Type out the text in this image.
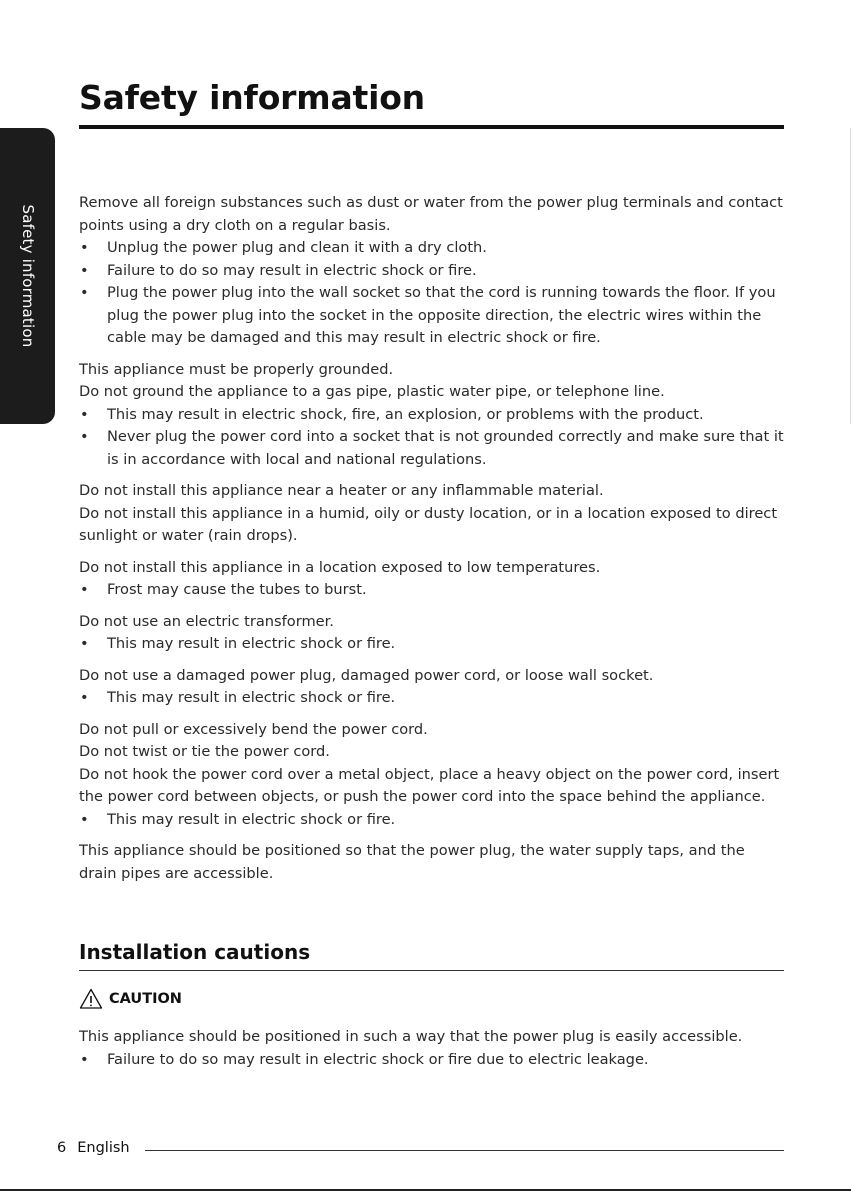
Safety information
Safety information

Remove all foreign substances such as dust or water from the power plug terminals and contact points using a dry cloth on a regular basis.

• Unplug the power plug and clean it with a dry cloth.
• Failure to do so may result in electric shock or fire.
• Plug the power plug into the wall socket so that the cord is running towards the floor. If you plug the power plug into the socket in the opposite direction, the electric wires within the cable may be damaged and this may result in electric shock or fire.

This appliance must be properly grounded.

Do not ground the appliance to a gas pipe, plastic water pipe, or telephone line.

• This may result in electric shock, fire, an explosion, or problems with the product.
• Never plug the power cord into a socket that is not grounded correctly and make sure that it is in accordance with local and national regulations.

Do not install this appliance near a heater or any inflammable material.

Do not install this appliance in a humid, oily or dusty location, or in a location exposed to direct sunlight or water (rain drops).

Do not install this appliance in a location exposed to low temperatures.

• Frost may cause the tubes to burst.

Do not use an electric transformer.

• This may result in electric shock or fire.

Do not use a damaged power plug, damaged power cord, or loose wall socket.

• This may result in electric shock or fire.

Do not pull or excessively bend the power cord.

Do not twist or tie the power cord.

Do not hook the power cord over a metal object, place a heavy object on the power cord, insert the power cord between objects, or push the power cord into the space behind the appliance.

• This may result in electric shock or fire.

This appliance should be positioned so that the power plug, the water supply taps, and the drain pipes are accessible.

Installation cautions
CAUTION

This appliance should be positioned in such a way that the power plug is easily accessible.

• Failure to do so may result in electric shock or fire due to electric leakage.
6 English
